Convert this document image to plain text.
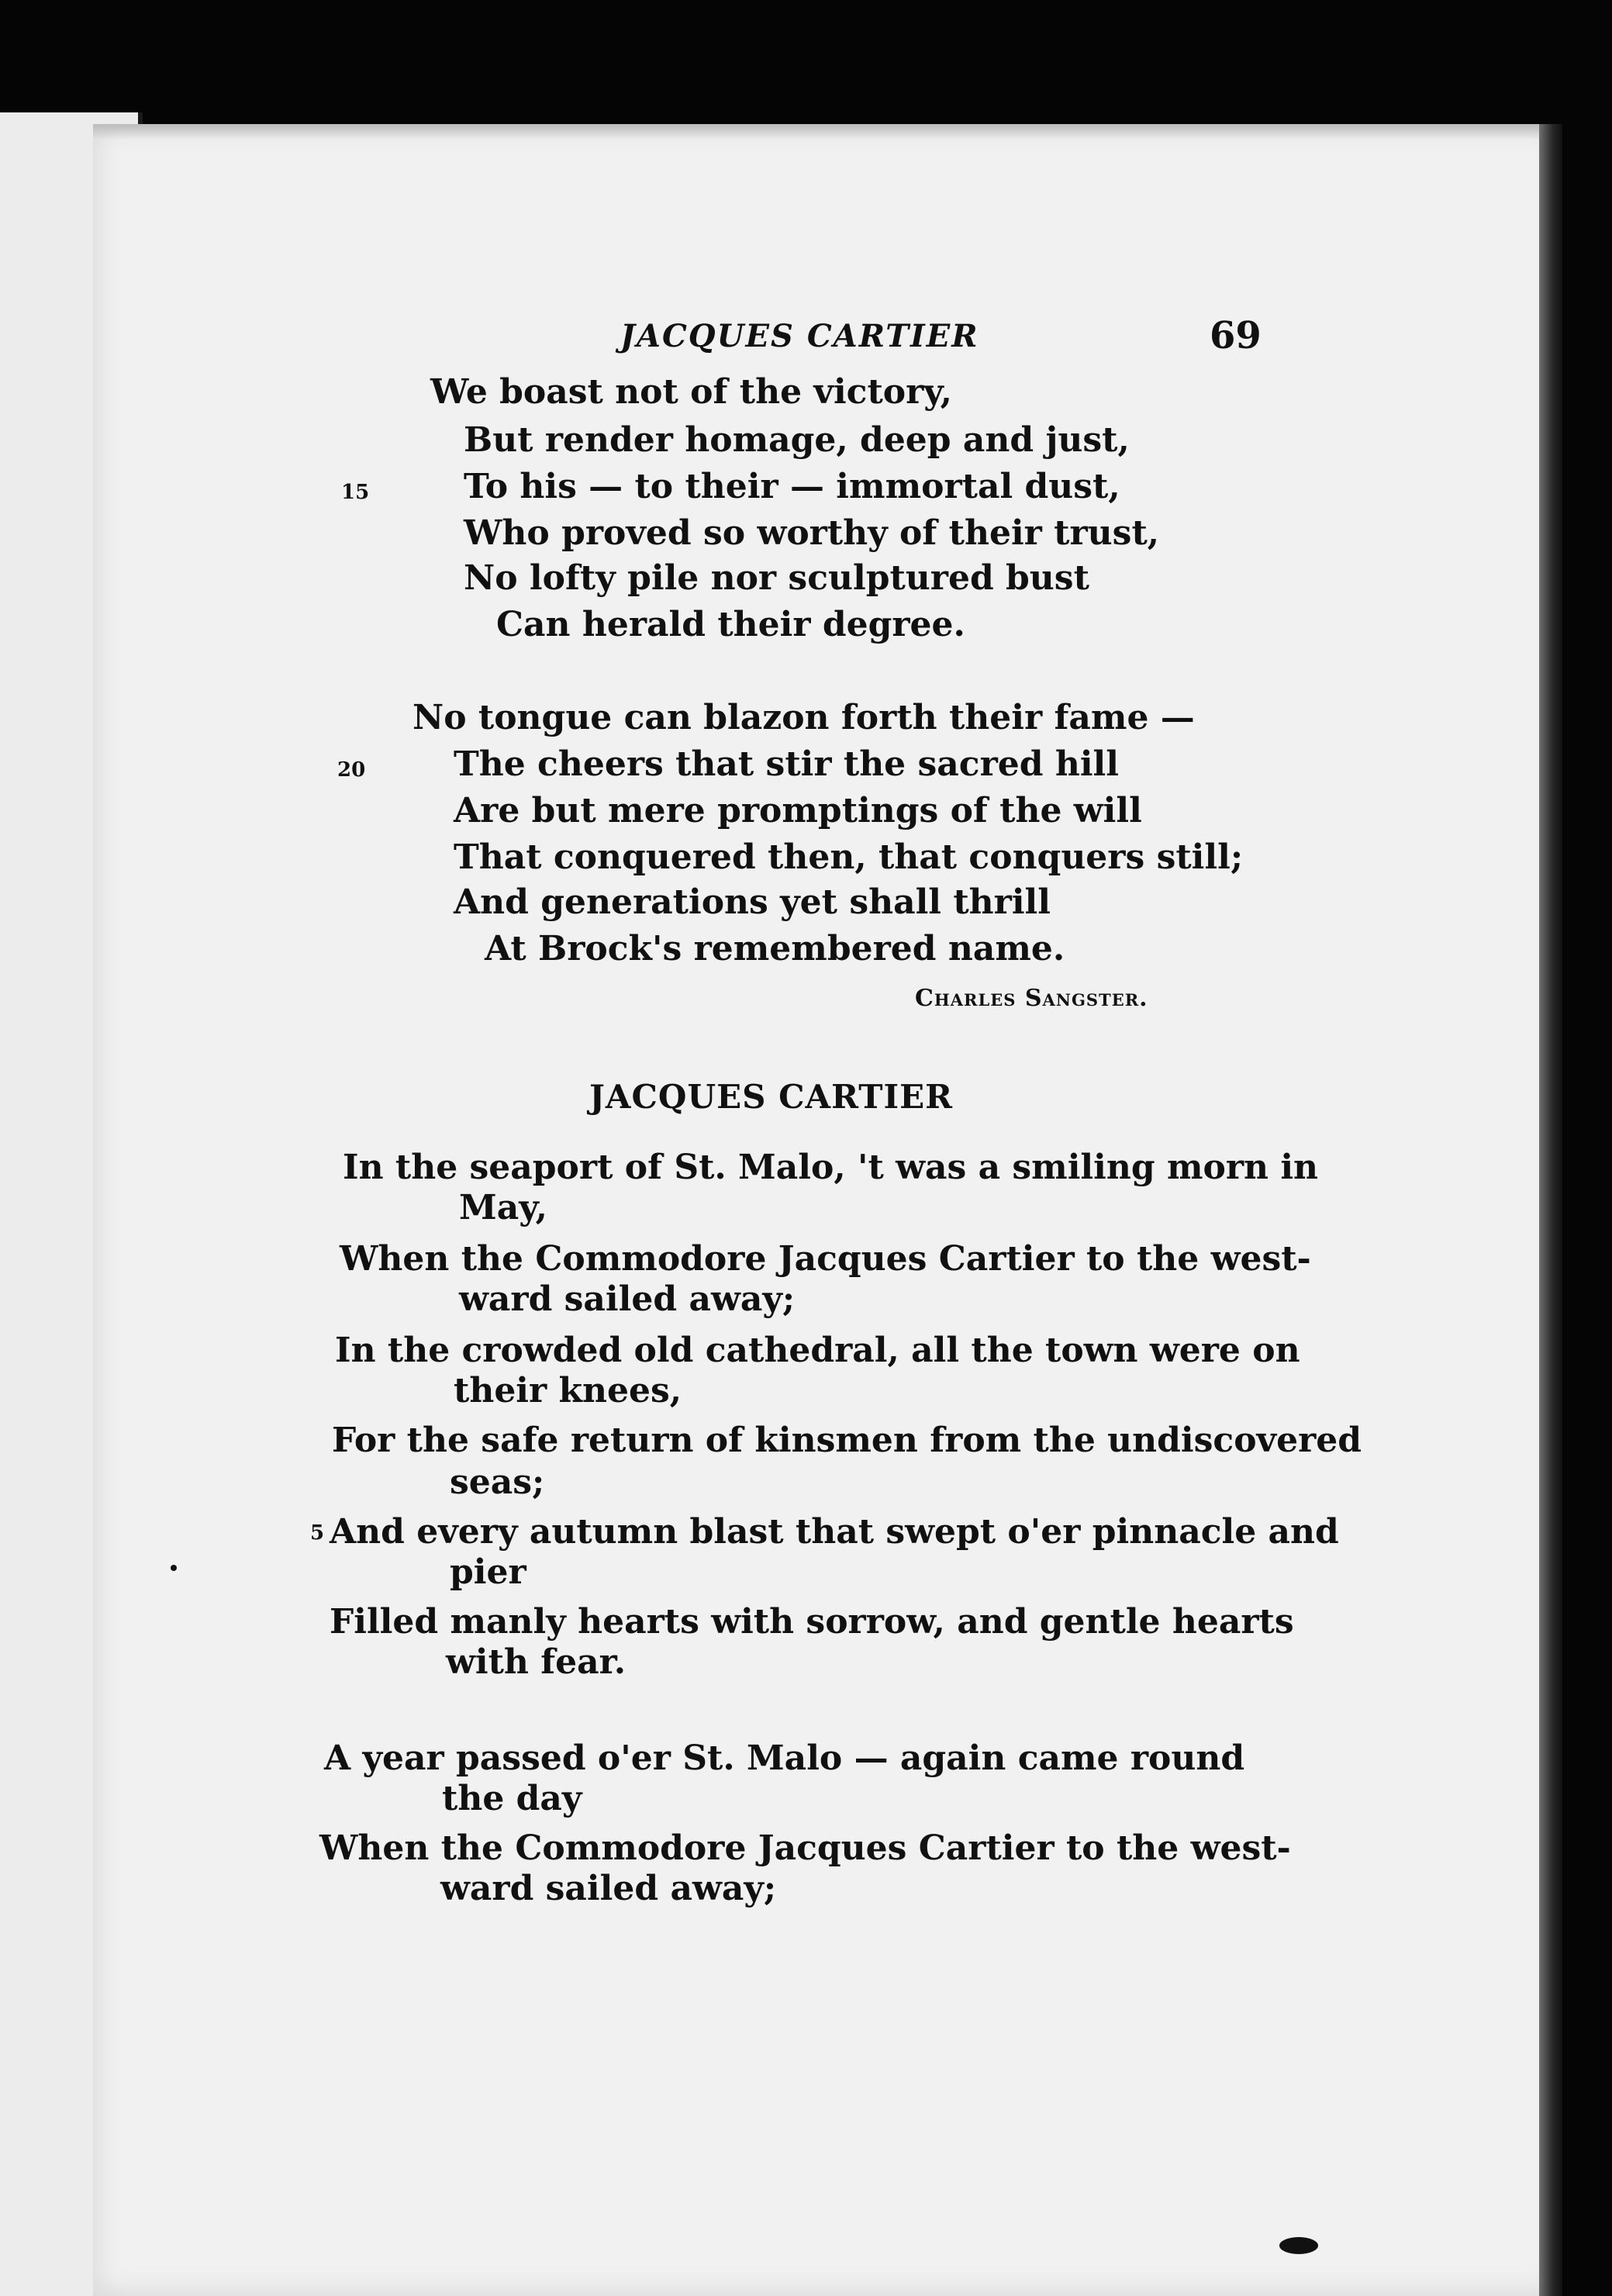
JACQUES CARTIER	69
We boast not of the victory,
But render homage, deep and just,
15	To his — to their — immortal dust,
Who proved so worthy of their trust,
No lofty pile nor sculptured bust
Can herald their degree.
No tongue can blazon forth their fame —
20	The cheers that stir the sacred hill
Are but mere promptings of the will
That conquered then, that conquers still;
And generations yet shall thrill
At Brock's remembered name.
Charles Sangster.
JACQUES CARTIER
In the seaport of St. Malo, 't was a smiling morn in
May,
When the Commodore Jacques Cartier to the west-
ward sailed away;
In the crowded old cathedral, all the town were on
their knees,
For the safe return of kinsmen from the undiscovered
seas;
5 And every autumn blast that swept o'er pinnacle and
pier
Filled manly hearts with sorrow, and gentle hearts
with fear.
A year passed o'er St. Malo — again came round
the day
When the Commodore Jacques Cartier to the west-
ward sailed away;
